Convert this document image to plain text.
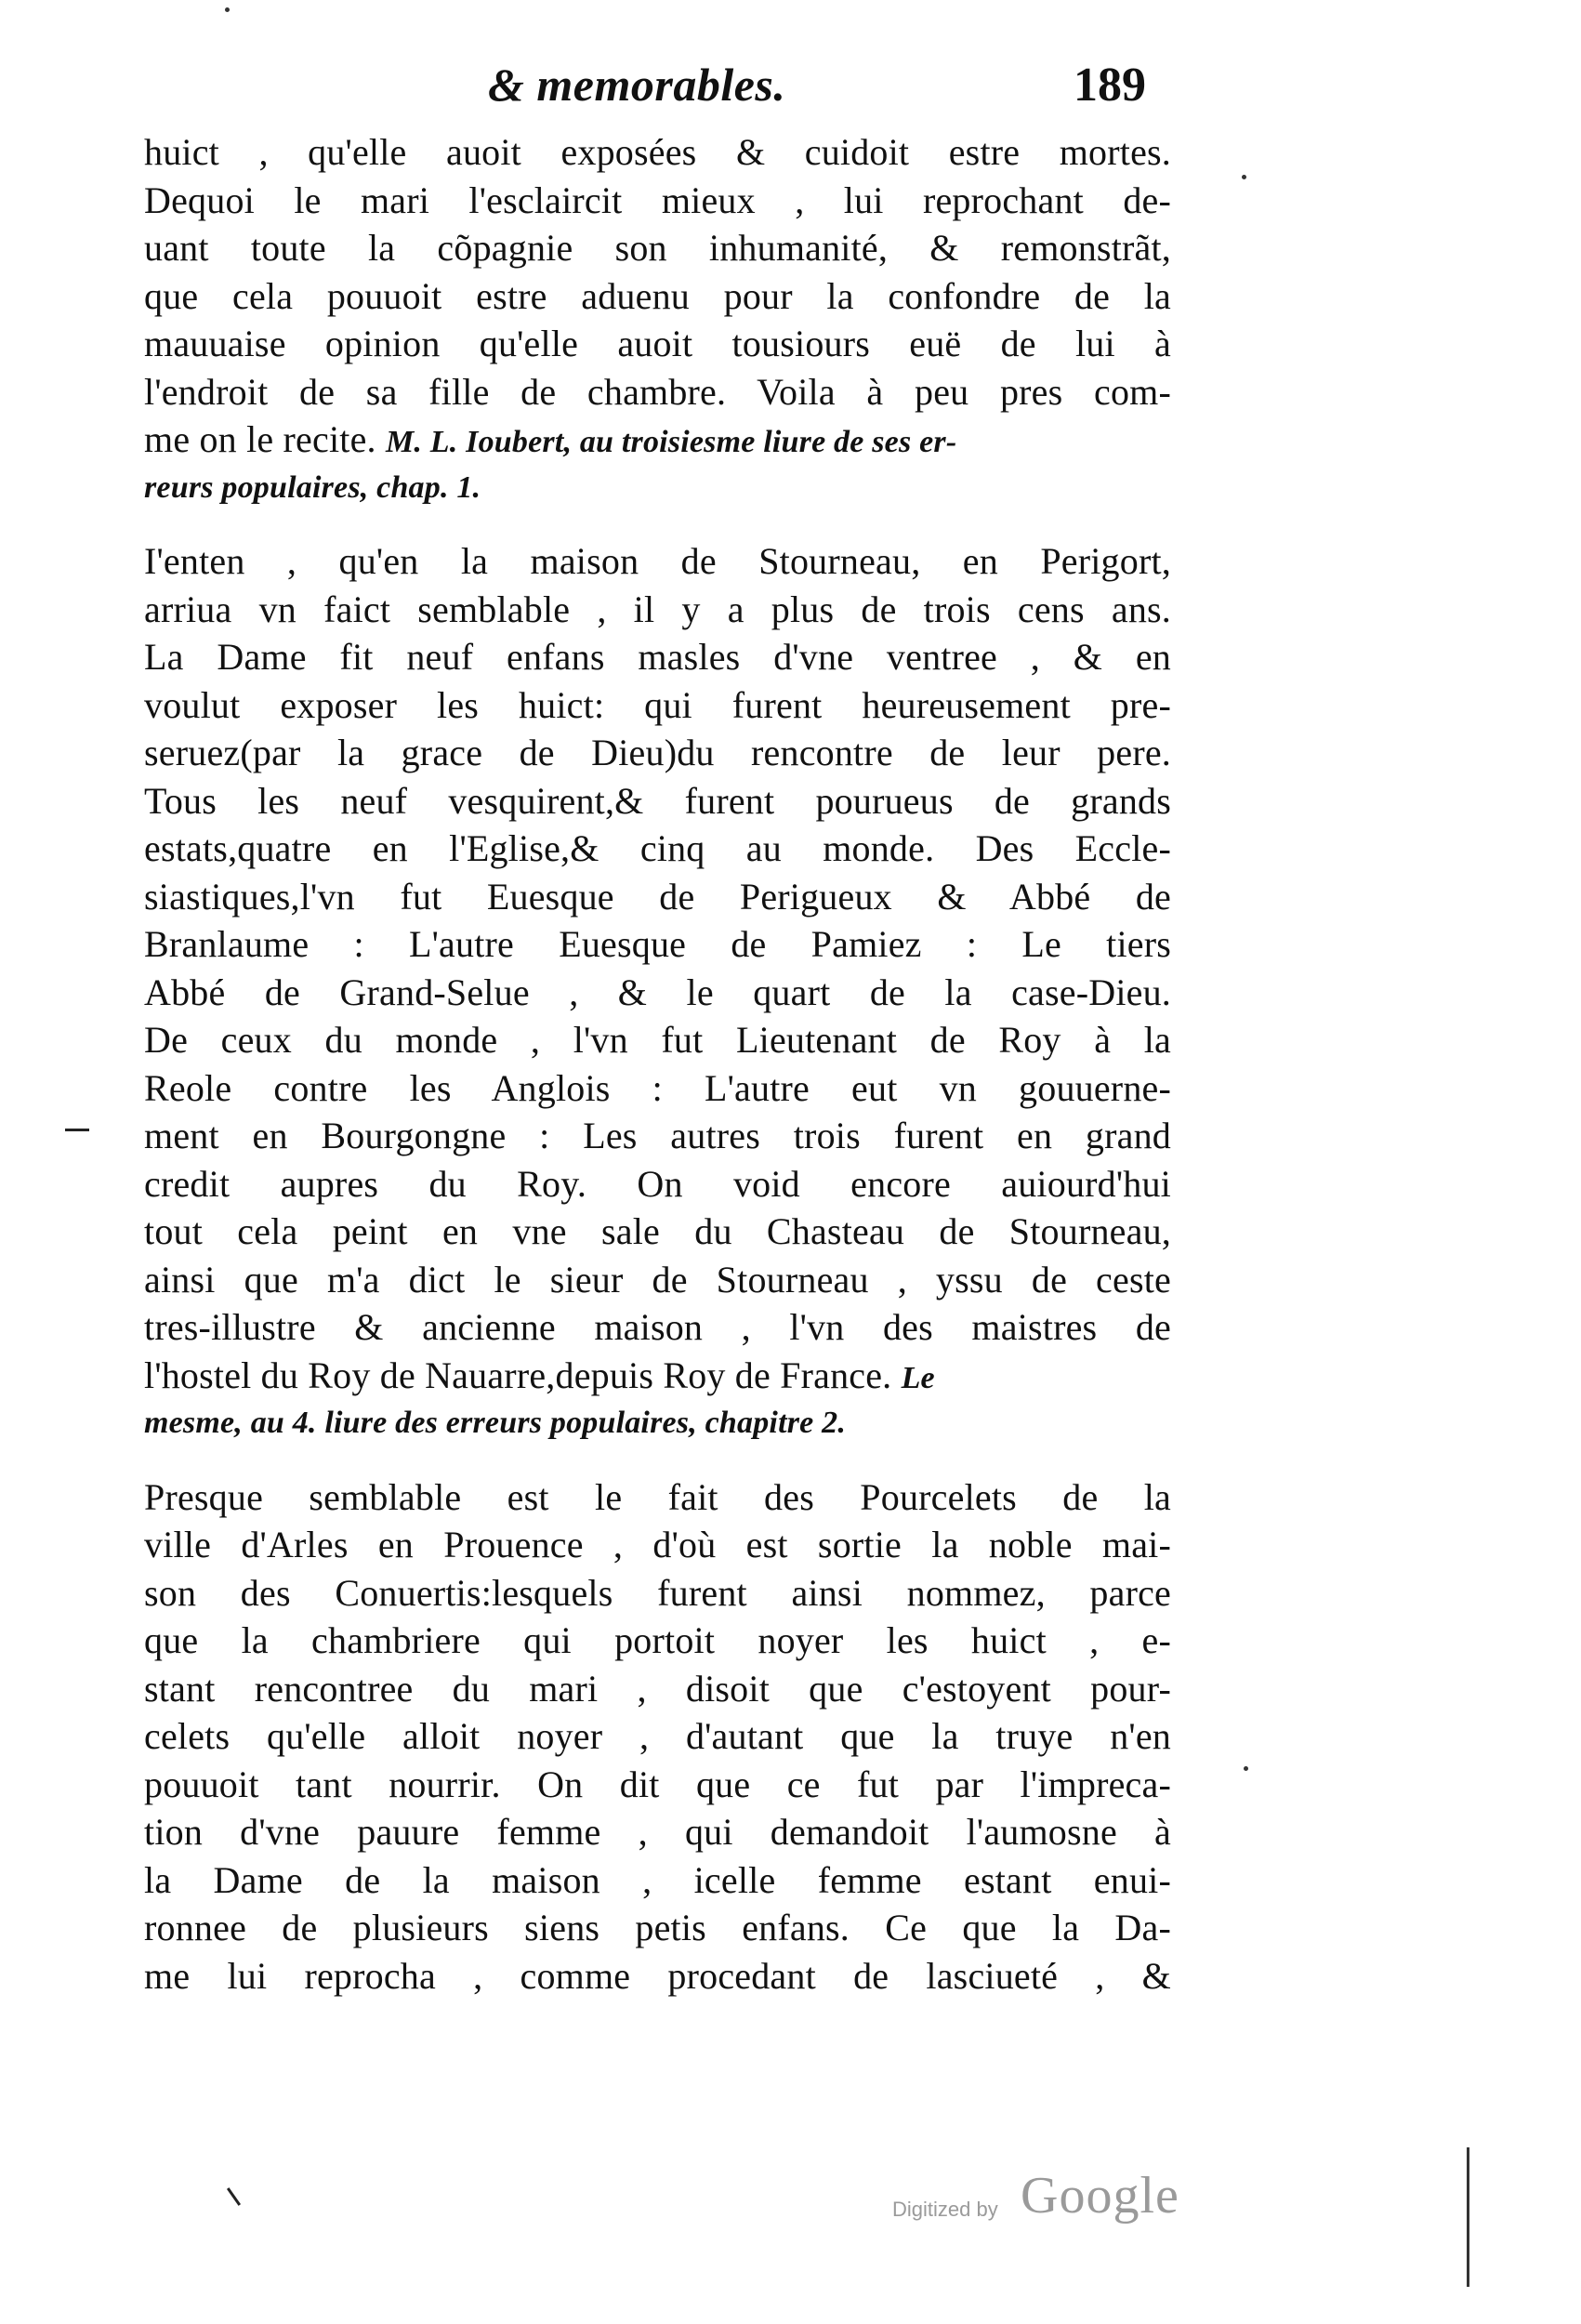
& memorables.	189
huict , qu'elle auoit exposées & cuidoit estre mortes.
Dequoi le mari l'esclaircit mieux , lui reprochant de-
uant toute la cõpagnie son inhumanité, & remonstrãt,
que cela pouuoit estre aduenu pour la confondre de la
mauuaise opinion qu'elle auoit tousiours euë de lui à
l'endroit de sa fille de chambre. Voila à peu pres com-
me on le recite. M. L. Ioubert, au troisiesme liure de ses er-
reurs populaires, chap. 1.
I'enten , qu'en la maison de Stourneau, en Perigort,
arriua vn faict semblable , il y a plus de trois cens ans.
La Dame fit neuf enfans masles d'vne ventree , & en
voulut exposer les huict: qui furent heureusement pre-
seruez(par la grace de Dieu)du rencontre de leur pere.
Tous les neuf vesquirent,& furent pourueus de grands
estats,quatre en l'Eglise,& cinq au monde. Des Eccle-
siastiques,l'vn fut Euesque de Perigueux & Abbé de
Branlaume : L'autre Euesque de Pamiez : Le tiers
Abbé de Grand-Selue , & le quart de la case-Dieu.
De ceux du monde , l'vn fut Lieutenant de Roy à la
Reole contre les Anglois : L'autre eut vn gouuerne-
ment en Bourgongne : Les autres trois furent en grand
credit aupres du Roy. On void encore auiourd'hui
tout cela peint en vne sale du Chasteau de Stourneau,
ainsi que m'a dict le sieur de Stourneau , yssu de ceste
tres-illustre & ancienne maison , l'vn des maistres de
l'hostel du Roy de Nauarre,depuis Roy de France. Le
mesme, au 4. liure des erreurs populaires, chapitre 2.
Presque semblable est le fait des Pourcelets de la
ville d'Arles en Prouence , d'où est sortie la noble mai-
son des Conuertis:lesquels furent ainsi nommez, parce
que la chambriere qui portoit noyer les huict , e-
stant rencontree du mari , disoit que c'estoyent pour-
celets qu'elle alloit noyer , d'autant que la truye n'en
pouuoit tant nourrir. On dit que ce fut par l'impreca-
tion d'vne pauure femme , qui demandoit l'aumosne à
la Dame de la maison , icelle femme estant enui-
ronnee de plusieurs siens petis enfans. Ce que la Da-
me lui reprocha , comme procedant de lasciueté , &
Digitized by Google
